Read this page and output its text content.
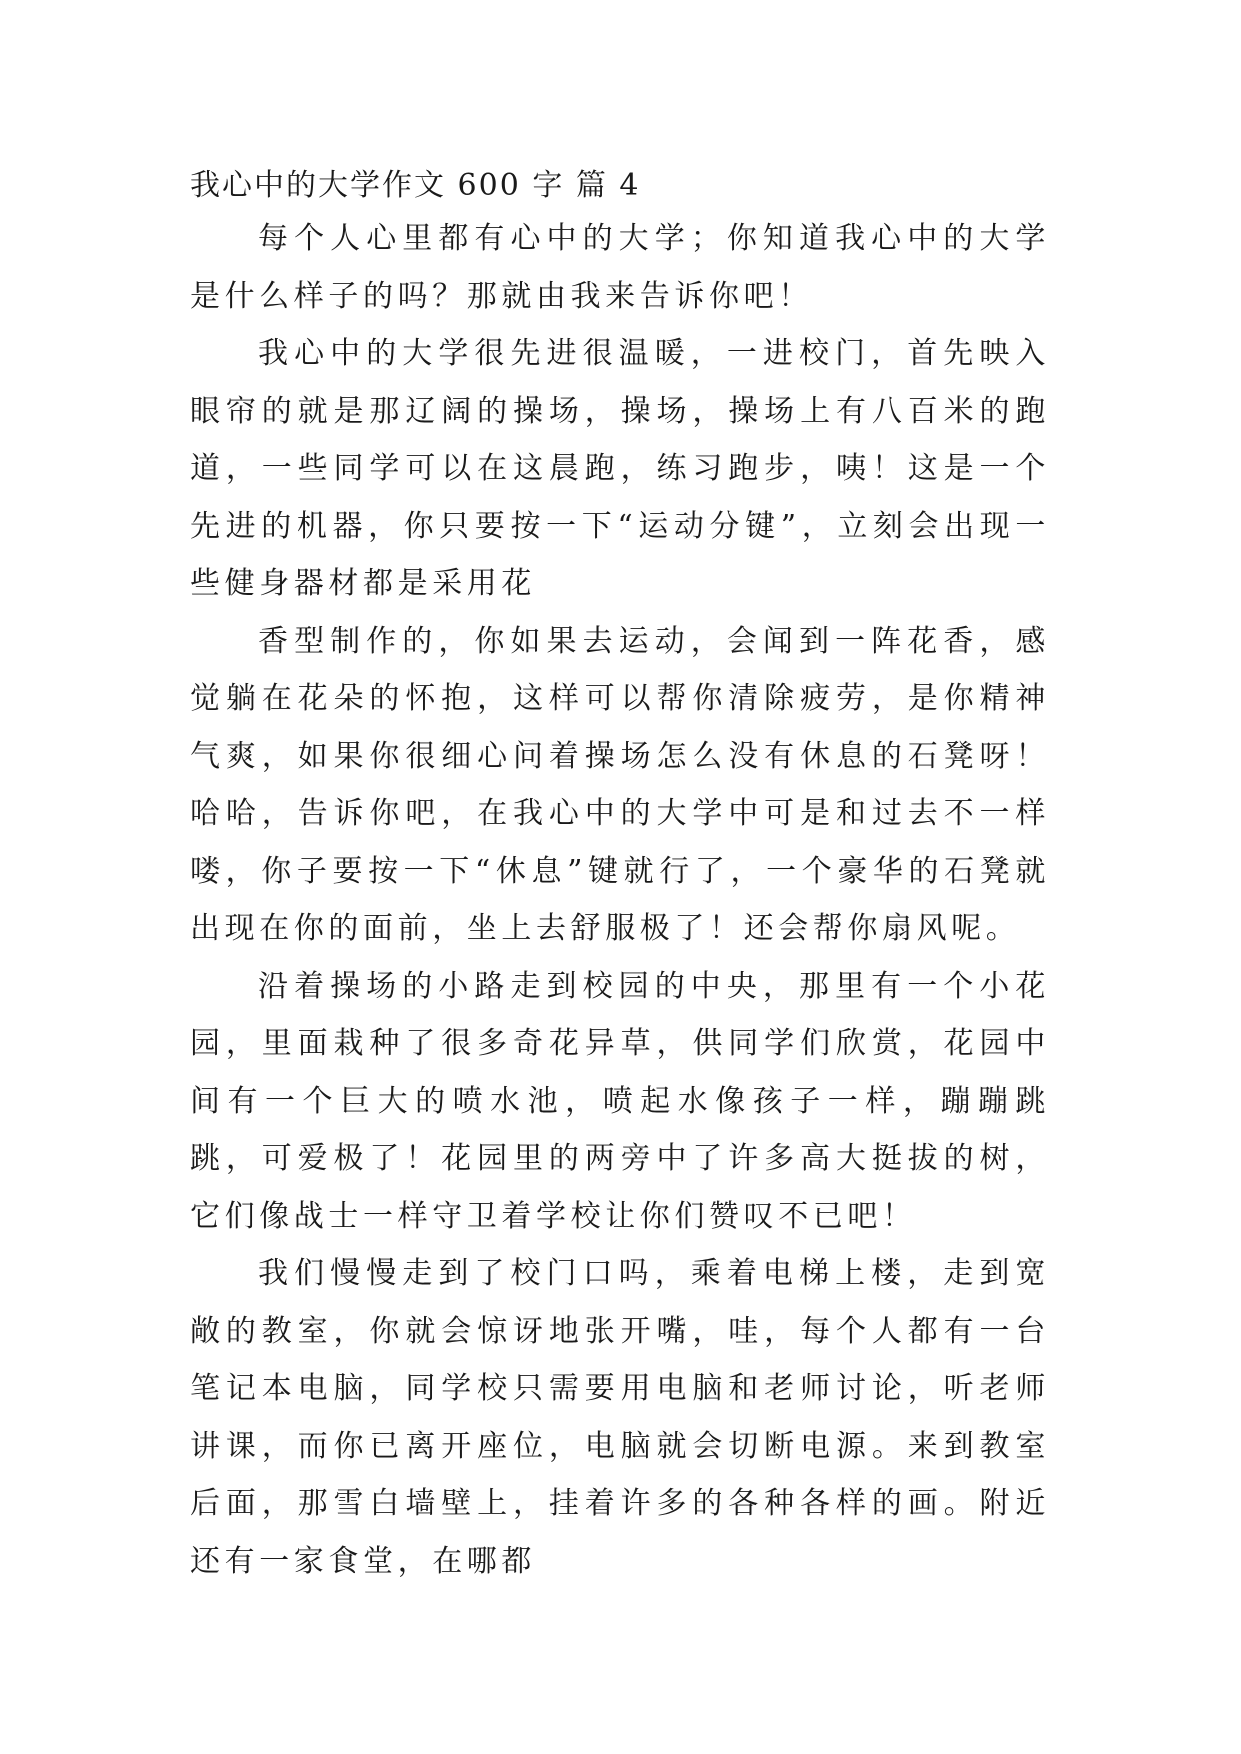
我心中的大学作文 600 字 篇 4

每个人心里都有心中的大学；你知道我心中的大学是什么样子的吗？那就由我来告诉你吧！

我心中的大学很先进很温暖，一进校门，首先映入眼帘的就是那辽阔的操场，操场，操场上有八百米的跑道，一些同学可以在这晨跑，练习跑步，咦！这是一个先进的机器，你只要按一下“运动分键”，立刻会出现一些健身器材都是采用花

香型制作的，你如果去运动，会闻到一阵花香，感觉躺在花朵的怀抱，这样可以帮你清除疲劳，是你精神气爽，如果你很细心问着操场怎么没有休息的石凳呀！哈哈，告诉你吧，在我心中的大学中可是和过去不一样喽，你子要按一下“休息”键就行了，一个豪华的石凳就出现在你的面前，坐上去舒服极了！还会帮你扇风呢。

沿着操场的小路走到校园的中央，那里有一个小花园，里面栽种了很多奇花异草，供同学们欣赏，花园中间有一个巨大的喷水池，喷起水像孩子一样，蹦蹦跳跳，可爱极了！花园里的两旁中了许多高大挺拔的树，它们像战士一样守卫着学校让你们赞叹不已吧！

我们慢慢走到了校门口吗，乘着电梯上楼，走到宽敞的教室，你就会惊讶地张开嘴，哇，每个人都有一台笔记本电脑，同学校只需要用电脑和老师讨论，听老师讲课，而你已离开座位，电脑就会切断电源。来到教室后面，那雪白墙壁上，挂着许多的各种各样的画。附近还有一家食堂，在哪都
